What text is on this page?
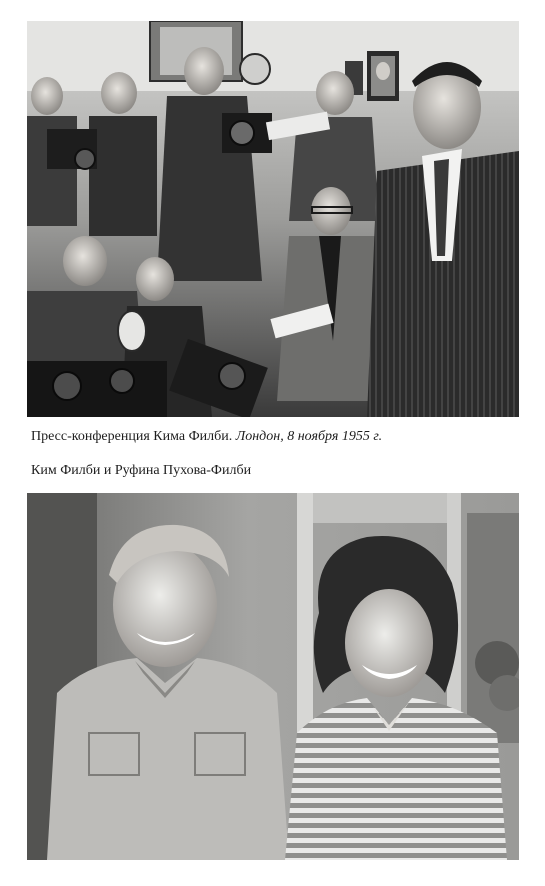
Пресс-конференция Кима Филби. Лондон, 8 ноября 1955 г.
Ким Филби и Руфина Пухова-Филби
